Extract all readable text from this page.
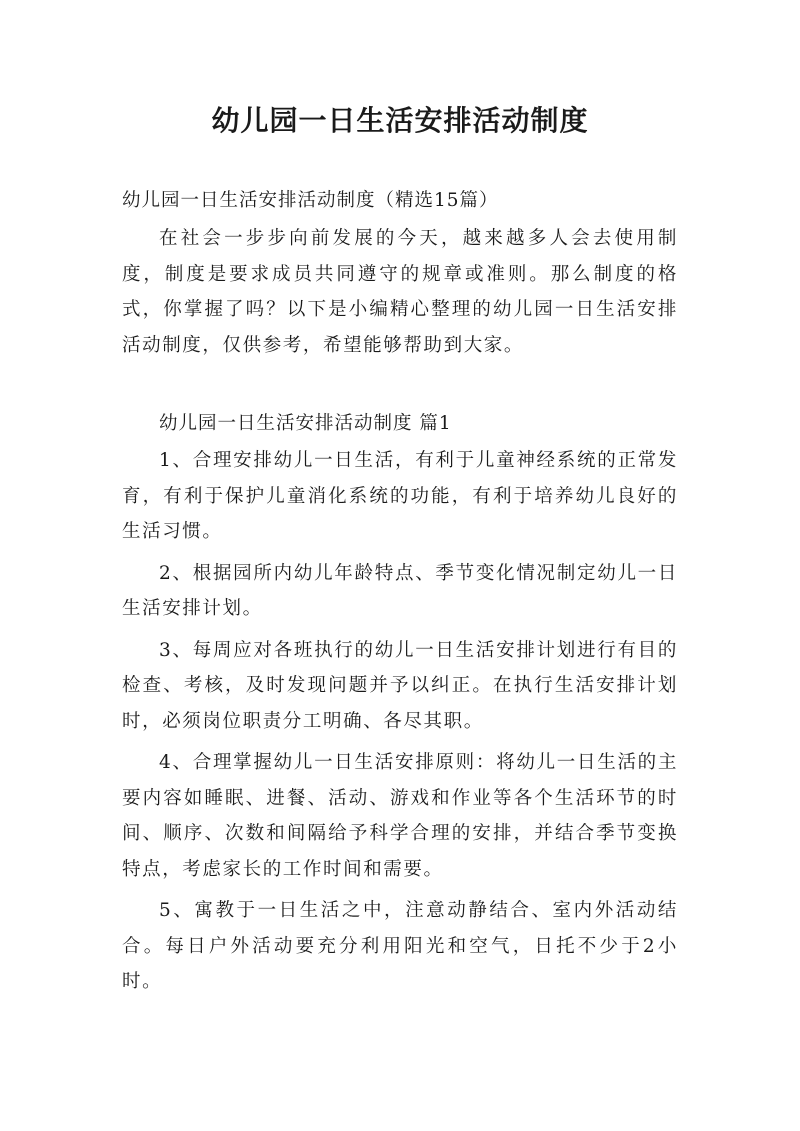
幼儿园一日生活安排活动制度

幼儿园一日生活安排活动制度（精选15篇）

在社会一步步向前发展的今天，越来越多人会去使用制度，制度是要求成员共同遵守的规章或准则。那么制度的格式，你掌握了吗？以下是小编精心整理的幼儿园一日生活安排活动制度，仅供参考，希望能够帮助到大家。

幼儿园一日生活安排活动制度 篇1

1、合理安排幼儿一日生活，有利于儿童神经系统的正常发育，有利于保护儿童消化系统的功能，有利于培养幼儿良好的生活习惯。

2、根据园所内幼儿年龄特点、季节变化情况制定幼儿一日生活安排计划。

3、每周应对各班执行的幼儿一日生活安排计划进行有目的检查、考核，及时发现问题并予以纠正。在执行生活安排计划时，必须岗位职责分工明确、各尽其职。

4、合理掌握幼儿一日生活安排原则：将幼儿一日生活的主要内容如睡眠、进餐、活动、游戏和作业等各个生活环节的时间、顺序、次数和间隔给予科学合理的安排，并结合季节变换特点，考虑家长的工作时间和需要。

5、寓教于一日生活之中，注意动静结合、室内外活动结合。每日户外活动要充分利用阳光和空气，日托不少于2小时。
